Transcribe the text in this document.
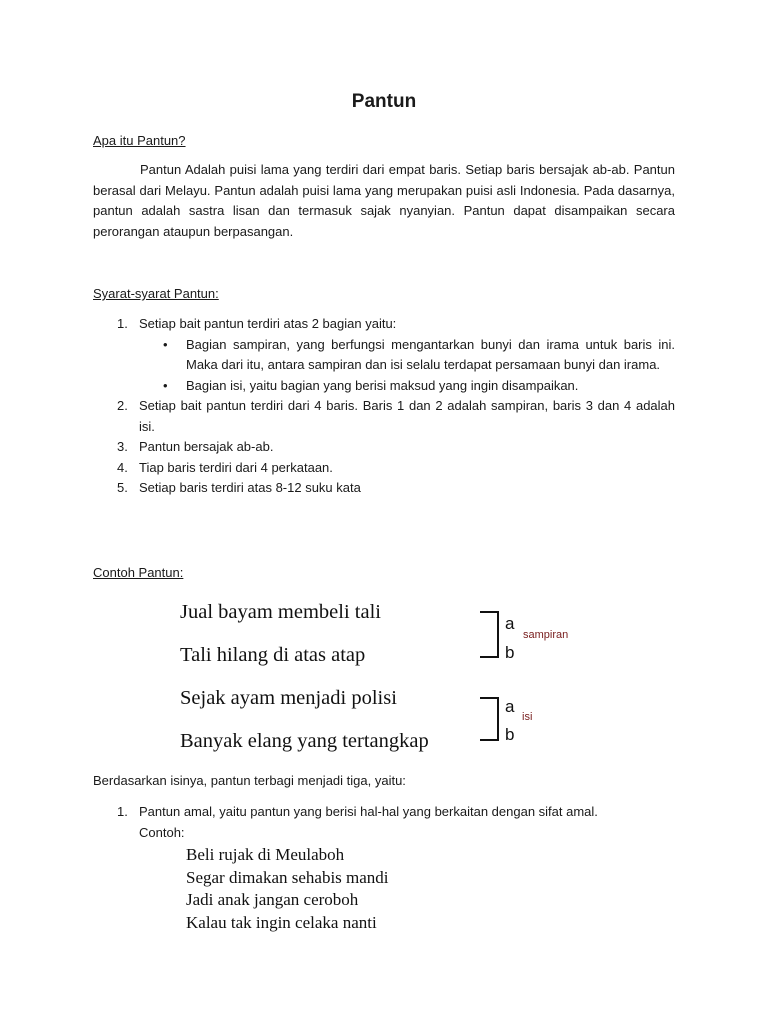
Pantun
Apa itu Pantun?

Pantun Adalah puisi lama yang terdiri dari empat baris. Setiap baris bersajak ab-ab. Pantun berasal dari Melayu. Pantun adalah puisi lama yang merupakan puisi asli Indonesia. Pada dasarnya, pantun adalah sastra lisan dan termasuk sajak nyanyian. Pantun dapat disampaikan secara perorangan ataupun berpasangan.

Syarat-syarat Pantun:
1. Setiap bait pantun terdiri atas 2 bagian yaitu:
• Bagian sampiran, yang berfungsi mengantarkan bunyi dan irama untuk baris ini. Maka dari itu, antara sampiran dan isi selalu terdapat persamaan bunyi dan irama.
• Bagian isi, yaitu bagian yang berisi maksud yang ingin disampaikan.
2. Setiap bait pantun terdiri dari 4 baris. Baris 1 dan 2 adalah sampiran, baris 3 dan 4 adalah isi.
3. Pantun bersajak ab-ab.
4. Tiap baris terdiri dari 4 perkataan.
5. Setiap baris terdiri atas 8-12 suku kata
Contoh Pantun:
Jual bayam membeli tali
Tali hilang di atas atap
Sejak ayam menjadi polisi
Banyak elang yang tertangkap
a
b
sampiran
a
b
isi
Berdasarkan isinya, pantun terbagi menjadi tiga, yaitu:
1. Pantun amal, yaitu pantun yang berisi hal-hal yang berkaitan dengan sifat amal.
Contoh:
Beli rujak di Meulaboh
Segar dimakan sehabis mandi
Jadi anak jangan ceroboh
Kalau tak ingin celaka nanti
